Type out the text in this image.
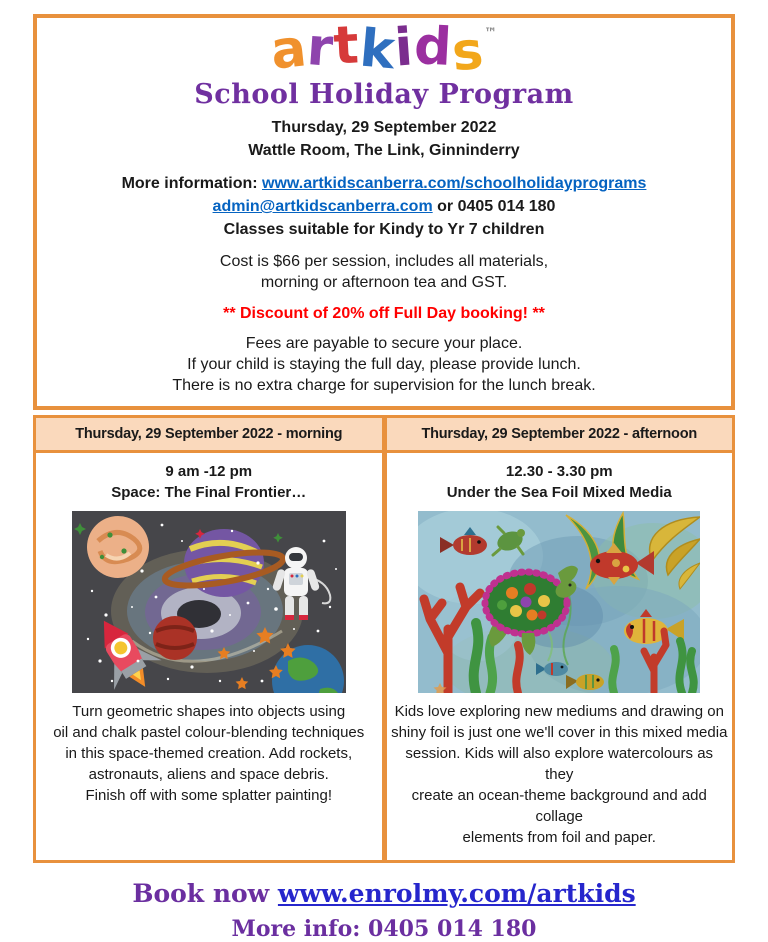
artkids™
School Holiday Program
Thursday, 29 September 2022
Wattle Room, The Link, Ginninderry
More information: www.artkidscanberra.com/schoolholidayprograms
admin@artkidscanberra.com or 0405 014 180
Classes suitable for Kindy to Yr 7 children
Cost is $66 per session, includes all materials,
morning or afternoon tea and GST.
** Discount of 20% off Full Day booking! **
Fees are payable to secure your place.
If your child is staying the full day, please provide lunch.
There is no extra charge for supervision for the lunch break.
Thursday, 29 September 2022 - morning
9 am -12 pm
Space: The Final Frontier…
Turn geometric shapes into objects using
oil and chalk pastel colour-blending techniques
in this space-themed creation. Add rockets,
astronauts, aliens and space debris.
Finish off with some splatter painting!
Thursday, 29 September 2022 - afternoon
12.30 - 3.30 pm
Under the Sea Foil Mixed Media
Kids love exploring new mediums and drawing on
shiny foil is just one we'll cover in this mixed media
session. Kids will also explore watercolours as they
create an ocean-theme background and add collage
elements from foil and paper.
Book now www.enrolmy.com/artkids
More info: 0405 014 180
